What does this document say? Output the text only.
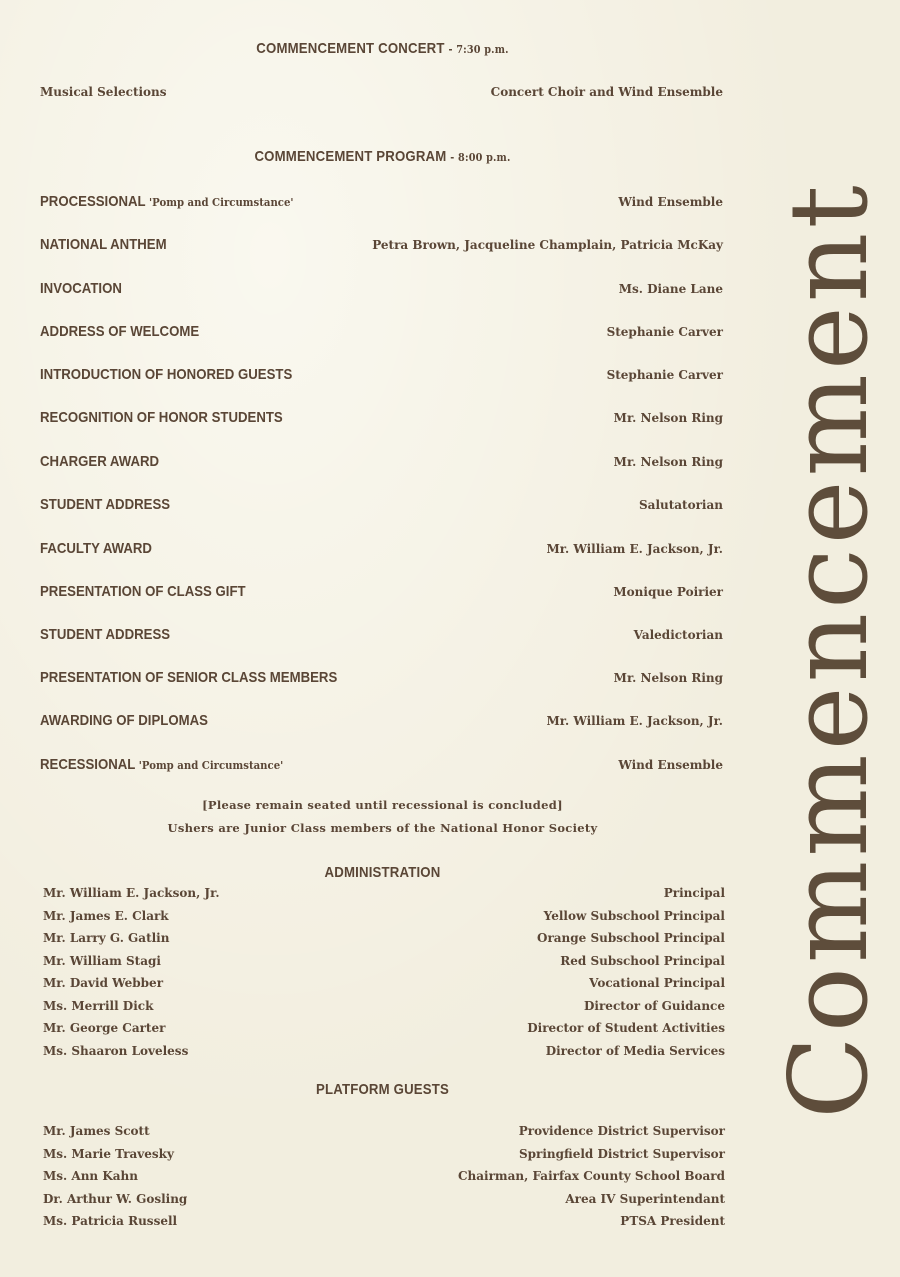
COMMENCEMENT CONCERT - 7:30 p.m.
Musical Selections	Concert Choir and Wind Ensemble
COMMENCEMENT PROGRAM - 8:00 p.m.
PROCESSIONAL 'Pomp and Circumstance'	Wind Ensemble
NATIONAL ANTHEM	Petra Brown, Jacqueline Champlain, Patricia McKay
INVOCATION	Ms. Diane Lane
ADDRESS OF WELCOME	Stephanie Carver
INTRODUCTION OF HONORED GUESTS	Stephanie Carver
RECOGNITION OF HONOR STUDENTS	Mr. Nelson Ring
CHARGER AWARD	Mr. Nelson Ring
STUDENT ADDRESS	Salutatorian
FACULTY AWARD	Mr. William E. Jackson, Jr.
PRESENTATION OF CLASS GIFT	Monique Poirier
STUDENT ADDRESS	Valedictorian
PRESENTATION OF SENIOR CLASS MEMBERS	Mr. Nelson Ring
AWARDING OF DIPLOMAS	Mr. William E. Jackson, Jr.
RECESSIONAL 'Pomp and Circumstance'	Wind Ensemble
[Please remain seated until recessional is concluded]
Ushers are Junior Class members of the National Honor Society
ADMINISTRATION
Mr. William E. Jackson, Jr.	Principal
Mr. James E. Clark	Yellow Subschool Principal
Mr. Larry G. Gatlin	Orange Subschool Principal
Mr. William Stagi	Red Subschool Principal
Mr. David Webber	Vocational Principal
Ms. Merrill Dick	Director of Guidance
Mr. George Carter	Director of Student Activities
Ms. Shaaron Loveless	Director of Media Services
PLATFORM GUESTS
Mr. James Scott	Providence District Supervisor
Ms. Marie Travesky	Springfield District Supervisor
Ms. Ann Kahn	Chairman, Fairfax County School Board
Dr. Arthur W. Gosling	Area IV Superintendant
Ms. Patricia Russell	PTSA President
Commencement
